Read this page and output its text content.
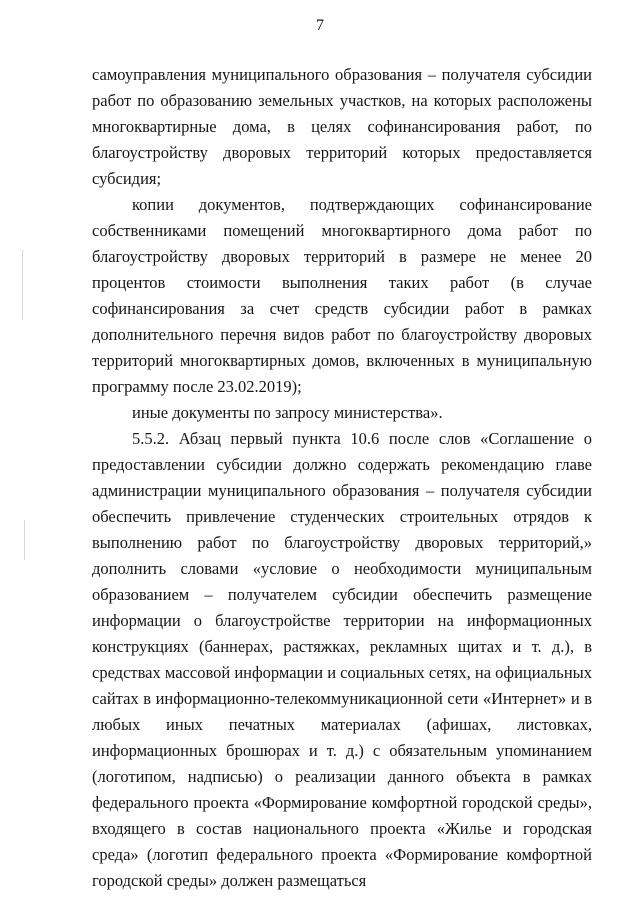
7

самоуправления муниципального образования – получателя субсидии работ по образованию земельных участков, на которых расположены многоквартирные дома, в целях софинансирования работ, по благоустройству дворовых территорий которых предоставляется субсидия;

копии документов, подтверждающих софинансирование собственниками помещений многоквартирного дома работ по благоустройству дворовых территорий в размере не менее 20 процентов стоимости выполнения таких работ (в случае софинансирования за счет средств субсидии работ в рамках дополнительного перечня видов работ по благоустройству дворовых территорий многоквартирных домов, включенных в муниципальную программу после 23.02.2019);

иные документы по запросу министерства».

5.5.2. Абзац первый пункта 10.6 после слов «Соглашение о предоставлении субсидии должно содержать рекомендацию главе администрации муниципального образования – получателя субсидии обеспечить привлечение студенческих строительных отрядов к выполнению работ по благоустройству дворовых территорий,» дополнить словами «условие о необходимости муниципальным образованием – получателем субсидии обеспечить размещение информации о благоустройстве территории на информационных конструкциях (баннерах, растяжках, рекламных щитах и т. д.), в средствах массовой информации и социальных сетях, на официальных сайтах в информационно-телекоммуникационной сети «Интернет» и в любых иных печатных материалах (афишах, листовках, информационных брошюрах и т. д.) с обязательным упоминанием (логотипом, надписью) о реализации данного объекта в рамках федерального проекта «Формирование комфортной городской среды», входящего в состав национального проекта «Жилье и городская среда» (логотип федерального проекта «Формирование комфортной городской среды» должен размещаться
